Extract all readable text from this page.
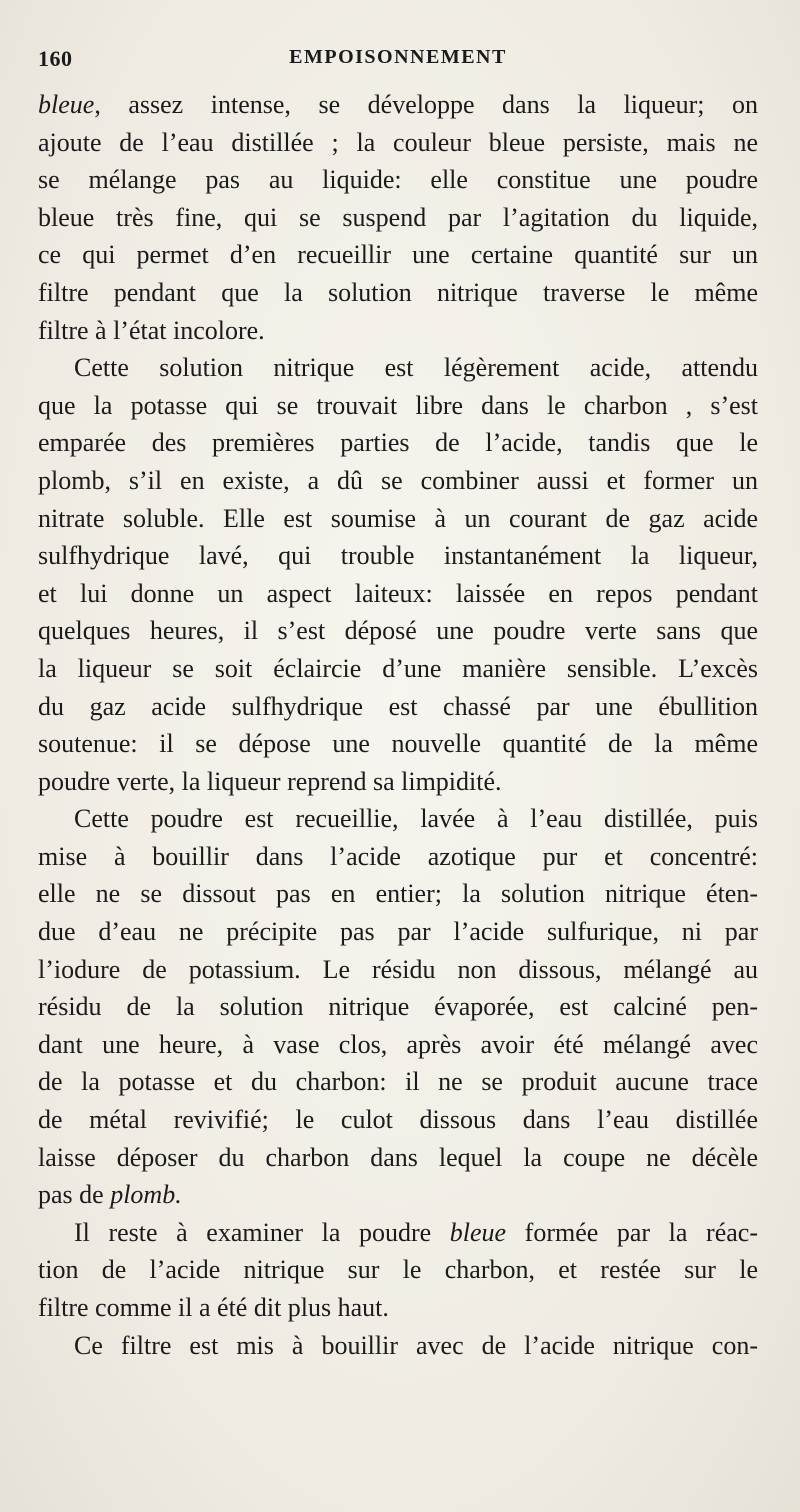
160	EMPOISONNEMENT
bleue, assez intense, se développe dans la liqueur; on
ajoute de l’eau distillée ; la couleur bleue persiste, mais ne
se mélange pas au liquide: elle constitue une poudre
bleue très fine, qui se suspend par l’agitation du liquide,
ce qui permet d’en recueillir une certaine quantité sur un
filtre pendant que la solution nitrique traverse le même
filtre à l’état incolore.
Cette solution nitrique est légèrement acide, attendu
que la potasse qui se trouvait libre dans le charbon , s’est
emparée des premières parties de l’acide, tandis que le
plomb, s’il en existe, a dû se combiner aussi et former un
nitrate soluble. Elle est soumise à un courant de gaz acide
sulfhydrique lavé, qui trouble instantanément la liqueur,
et lui donne un aspect laiteux: laissée en repos pendant
quelques heures, il s’est déposé une poudre verte sans que
la liqueur se soit éclaircie d’une manière sensible. L’excès
du gaz acide sulfhydrique est chassé par une ébullition
soutenue: il se dépose une nouvelle quantité de la même
poudre verte, la liqueur reprend sa limpidité.
Cette poudre est recueillie, lavée à l’eau distillée, puis
mise à bouillir dans l’acide azotique pur et concentré:
elle ne se dissout pas en entier; la solution nitrique éten-
due d’eau ne précipite pas par l’acide sulfurique, ni par
l’iodure de potassium. Le résidu non dissous, mélangé au
résidu de la solution nitrique évaporée, est calciné pen-
dant une heure, à vase clos, après avoir été mélangé avec
de la potasse et du charbon: il ne se produit aucune trace
de métal revivifié; le culot dissous dans l’eau distillée
laisse déposer du charbon dans lequel la coupe ne décèle
pas de plomb.
Il reste à examiner la poudre bleue formée par la réac-
tion de l’acide nitrique sur le charbon, et restée sur le
filtre comme il a été dit plus haut.
Ce filtre est mis à bouillir avec de l’acide nitrique con-
